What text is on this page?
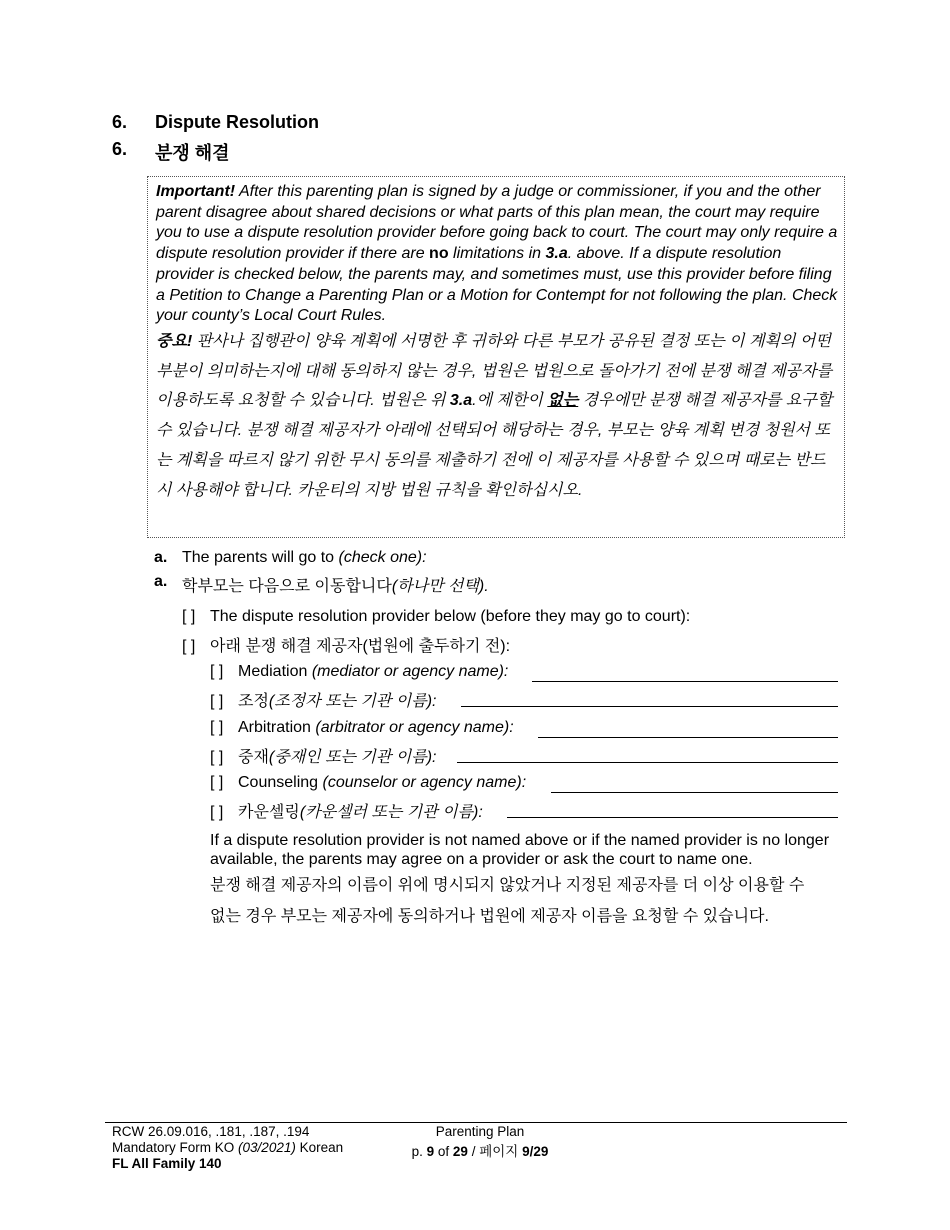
6. Dispute Resolution
6. 분쟁 해결
Important! After this parenting plan is signed by a judge or commissioner, if you and the other parent disagree about shared decisions or what parts of this plan mean, the court may require you to use a dispute resolution provider before going back to court. The court may only require a dispute resolution provider if there are no limitations in 3.a. above. If a dispute resolution provider is checked below, the parents may, and sometimes must, use this provider before filing a Petition to Change a Parenting Plan or a Motion for Contempt for not following the plan. Check your county’s Local Court Rules.
중요! 판사나 집행관이 양육 계획에 서명한 후 귀하와 다른 부모가 공유된 결정 또는 이 계획의 어떤 부분이 의미하는지에 대해 동의하지 않는 경우, 법원은 법원으로 돌아가기 전에 분쟁 해결 제공자를 이용하도록 요청할 수 있습니다. 법원은 위 3.a.에 제한이 없는 경우에만 분쟁 해결 제공자를 요구할 수 있습니다. 분쟁 해결 제공자가 아래에 선택되어 해당하는 경우, 부모는 양육 계획 변경 청원서 또는 계획을 따르지 않기 위한 무시 동의를 제출하기 전에 이 제공자를 사용할 수 있으며 때로는 반드시 사용해야 합니다. 카운티의 지방 법원 규칙을 확인하십시오.
a. The parents will go to (check one):
a. 학부모는 다음으로 이동합니다(하나만 선택).
[ ] The dispute resolution provider below (before they may go to court):
[ ] 아래 분쟁 해결 제공자(법원에 출두하기 전):
[ ] Mediation (mediator or agency name):
[ ] 조정(조정자 또는 기관 이름):
[ ] Arbitration (arbitrator or agency name):
[ ] 중재(중재인 또는 기관 이름):
[ ] Counseling (counselor or agency name):
[ ] 카운셀링(카운셀러 또는 기관 이름):
If a dispute resolution provider is not named above or if the named provider is no longer available, the parents may agree on a provider or ask the court to name one.
분쟁 해결 제공자의 이름이 위에 명시되지 않았거나 지정된 제공자를 더 이상 이용할 수 없는 경우 부모는 제공자에 동의하거나 법원에 제공자 이름을 요청할 수 있습니다.
RCW 26.09.016, .181, .187, .194
Mandatory Form KO (03/2021) Korean
FL All Family 140
Parenting Plan
p. 9 of 29 / 페이지 9/29
